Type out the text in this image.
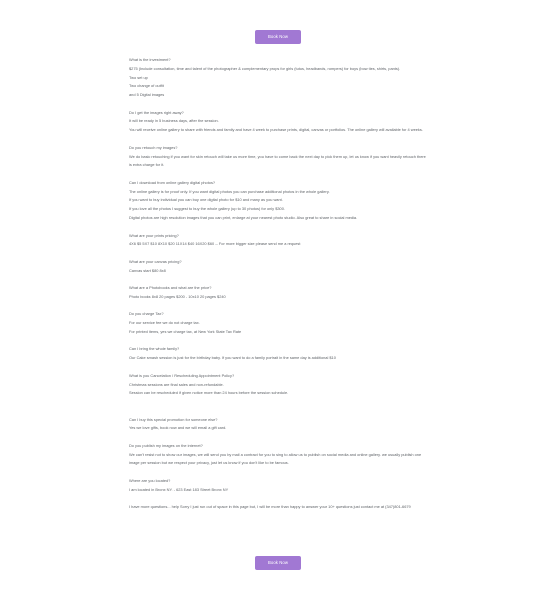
Book Now

What is the investment?

$275 (Include consultation, time and talent of the photographer & complementary props for girls (tutus, headbands, rompers) for boys (bow ties, shirts, pants).

Two set up

Two change of outfit

and 5 Digital images

Do I get the images right away?

It will be ready in 5 business days, after the session.

You will receive online gallery to share with friends and family and have 4 week to purchase prints, digital, canvas or portfolios. The online gallery will available for 4 weeks.

Do you retouch my images?

We do basic retouching if you want for skin retouch will take us more time, you have to come back the next day to pick them up, let us know if you want heavily retouch there is extra charge for it.

Can I download from online gallery digital photos?

The online gallery is for proof only. If you want digital photos you can purchase additional photos in the whole gallery.

If you want to buy individual you can buy one digital photo for $10 and many as you want.

If you love all the photos I suggest to buy the whole gallery (up to 30 photos) for only $300.

Digital photos are high resolution images that you can print, enlarge at your nearest photo studio. Also great to share in social media.

What are your prints pricing?

4X6 $5 5X7 $10 8X10 $20 11X14 $40 16X20 $60 -- For more bigger size please send me a request

What are your canvas pricing?

Canvas start $80 8x8

What are a Photobooks and what are the price?

Photo books 8x8 20 pages $200 - 10x10 20 pages $240

Do you charge Tax?

For our service fee we do not charge tax.

For printed items, yes we charge tax, at New York State Tax Rate

Can I bring the whole family?

Our Cake smash session is just for the birthday baby. If you want to do a family portrait in the same day is additional $10

What is you Cancelation / Rescheduling Appointment Policy?

Christmas sessions are final sales and non-refundable.

Session can be rescheduled if given notice more than 24 hours before the session schedule.

Can I buy this special promotion for someone else?

Yes we love gifts, book now and we will email a gift card.

Do you publish my images on the internet?

We can't resist not to show our images, we will send you by mail a contract for you to sing to allow us to publish on social media and online gallery. we usually publish one image per session but we respect your privacy, just let us know if you don't like to be famous.

Where are you located?

I am located in Bronx NY. - 623 East 183 Street Bronx NY

I have more questions... help Sorry I just run out of space in this page but, I will be more than happy to answer your 10+ questions just contact me at (347)801-6679

Book Now
